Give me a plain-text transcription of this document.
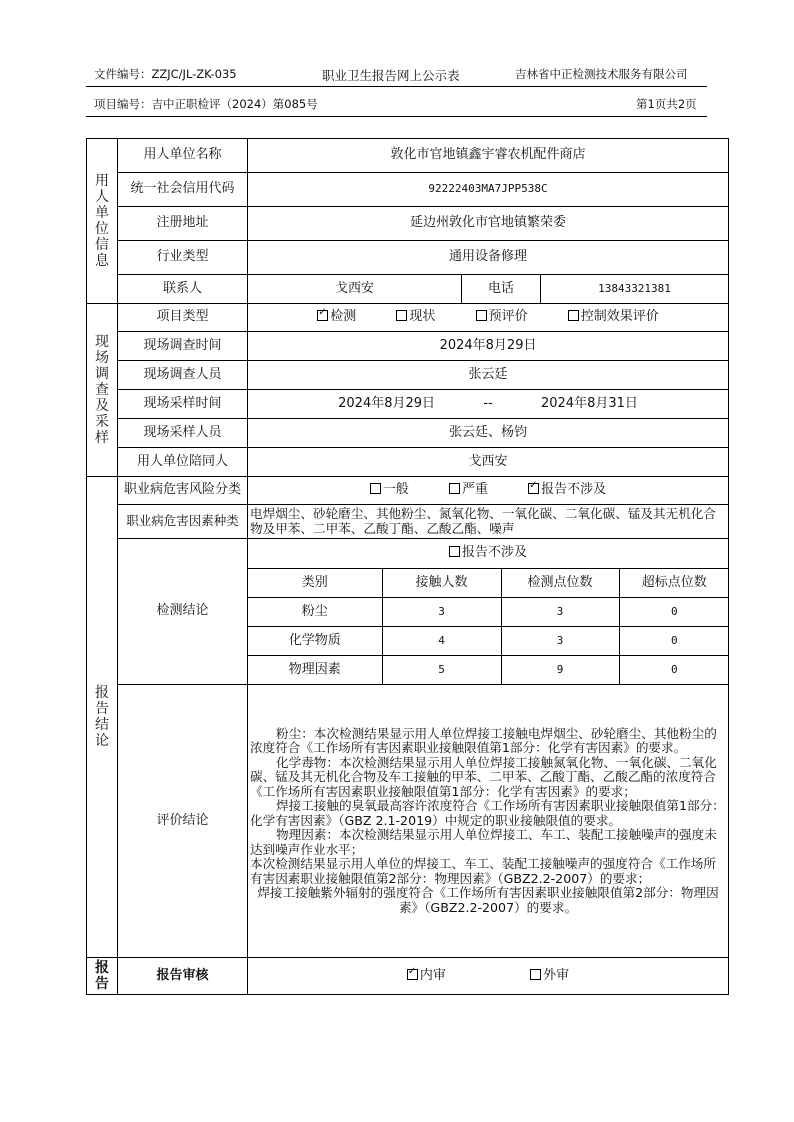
文件编号：ZZJC/JL-ZK-035	职业卫生报告网上公示表	吉林省中正检测技术服务有限公司
项目编号：吉中正职检评（2024）第085号	第1页共2页
用
人
单
位
信
息
	用人单位名称	敦化市官地镇鑫宇睿农机配件商店
统一社会信用代码	92222403MA7JPP538C
注册地址	延边州敦化市官地镇繁荣委
行业类型	通用设备修理
联系人	戈西安	电话	13843321381

现
场
调
查
及
采
样
	项目类型	✓检测	现状	预评价	控制效果评价
现场调查时间	2024年8月29日
现场调查人员	张云廷
现场采样时间	2024年8月29日	--	2024年8月31日
现场采样人员	张云廷、杨钧
用人单位陪同人	戈西安

报
告
结
论
	职业病危害风险分类	一般	严重 ✓	报告不涉及
职业病危害因素种类	电焊烟尘、砂轮磨尘、其他粉尘、氮氧化物、一氧化碳、二氧化碳、锰及其无机化合物及甲苯、二甲苯、乙酸丁酯、乙酸乙酯、噪声
检测结论	报告不涉及

类别	接触人数	检测点位数	超标点位数
粉尘	3	3	0
化学物质	4	3	0
物理因素	5	9	0

评价结论	

粉尘：本次检测结果显示用人单位焊接工接触电焊烟尘、砂轮磨尘、其他粉尘的浓度符合《工作场所有害因素职业接触限值第1部分：化学有害因素》的要求。

化学毒物：本次检测结果显示用人单位焊接工接触氮氧化物、一氧化碳、二氧化碳、锰及其无机化合物及车工接触的甲苯、二甲苯、乙酸丁酯、乙酸乙酯的浓度符合《工作场所有害因素职业接触限值第1部分：化学有害因素》的要求；

焊接工接触的臭氧最高容许浓度符合《工作场所有害因素职业接触限值第1部分：化学有害因素》（GBZ 2.1-2019）中规定的职业接触限值的要求。

物理因素：本次检测结果显示用人单位焊接工、车工、装配工接触噪声的强度未达到噪声作业水平；

本次检测结果显示用人单位的焊接工、车工、装配工接触噪声的强度符合《工作场所有害因素职业接触限值第2部分：物理因素》（GBZ2.2-2007）的要求；

焊接工接触紫外辐射的强度符合《工作场所有害因素职业接触限值第2部分：物理因素》（GBZ2.2-2007）的要求。

报
告
	报告审核	✓内审	外审
